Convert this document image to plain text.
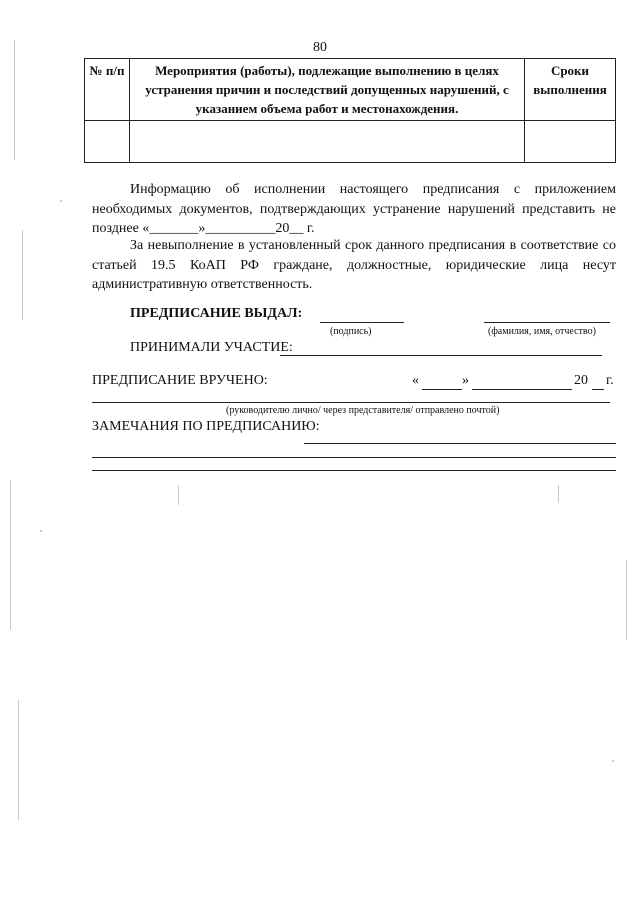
80
№ п/п	Мероприятия (работы), подлежащие выполнению в целях устранения причин и последствий допущенных нарушений, с указанием объема работ и местонахождения.	Сроки выполнения

Информацию об исполнении настоящего предписания с приложением необходимых документов, подтверждающих устранение нарушений представить не позднее «_______»__________20__ г.
За невыполнение в установленный срок данного предписания в соответствие со статьей 19.5 КоАП РФ граждане, должностные, юридические лица несут административную ответственность.
ПРЕДПИСАНИЕ ВЫДАЛ:
(подпись)	(фамилия, имя, отчество)
ПРИНИМАЛИ УЧАСТИЕ:
ПРЕДПИСАНИЕ ВРУЧЕНО:	«	»	20 г.
(руководителю лично/ через представителя/ отправлено почтой)
ЗАМЕЧАНИЯ ПО ПРЕДПИСАНИЮ:
